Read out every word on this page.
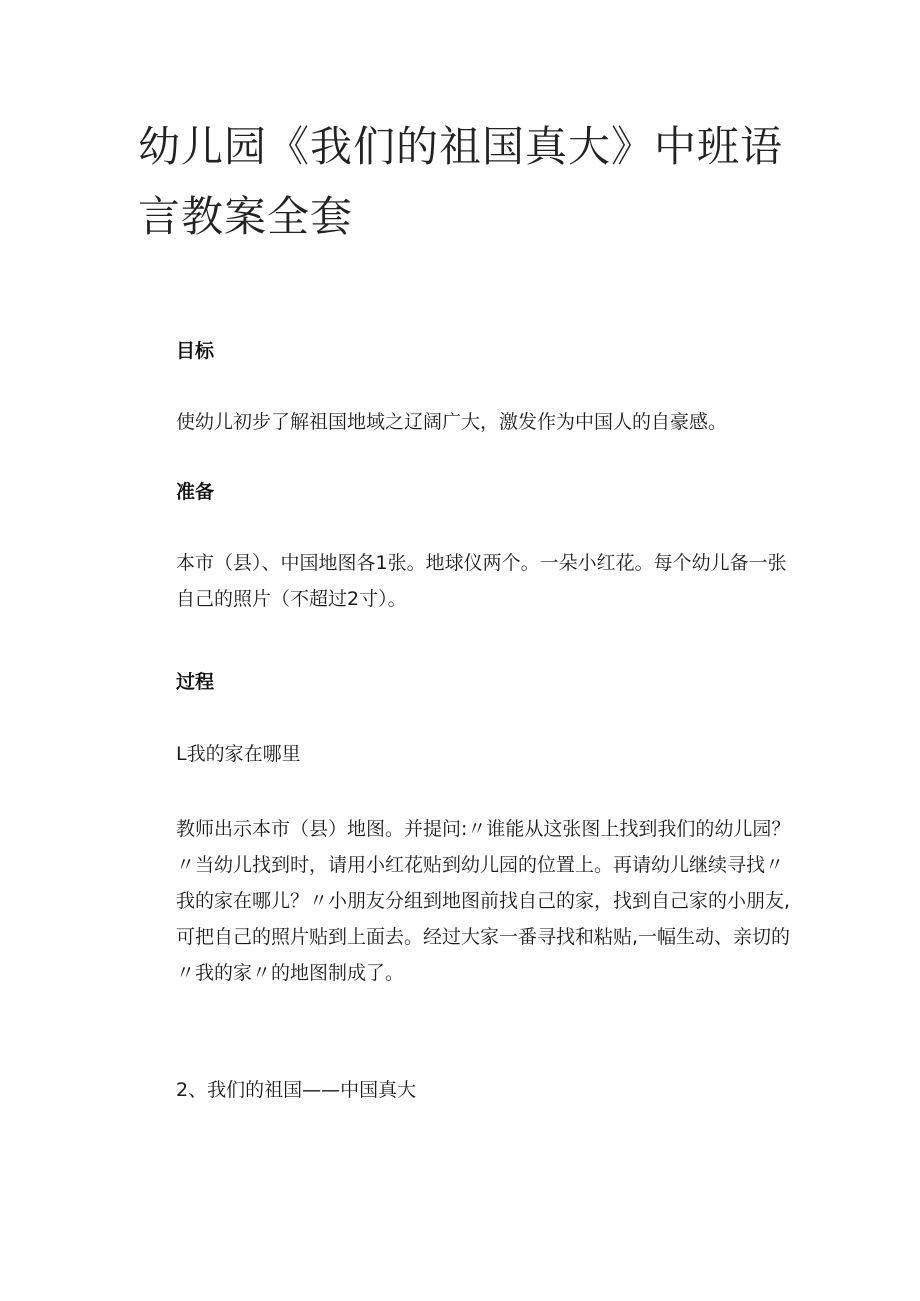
幼儿园《我们的祖国真大》中班语言教案全套
目标

使幼儿初步了解祖国地域之辽阔广大，激发作为中国人的自豪感。

准备

本市（县）、中国地图各1张。地球仪两个。一朵小红花。每个幼儿备一张自己的照片（不超过2寸）。

过程

L我的家在哪里

教师出示本市（县）地图。并提问:〃谁能从这张图上找到我们的幼儿园？〃当幼儿找到时，请用小红花贴到幼儿园的位置上。再请幼儿继续寻找〃我的家在哪儿？〃小朋友分组到地图前找自己的家，找到自己家的小朋友,可把自己的照片贴到上面去。经过大家一番寻找和粘贴,一幅生动、亲切的〃我的家〃的地图制成了。

2、我们的祖国——中国真大
